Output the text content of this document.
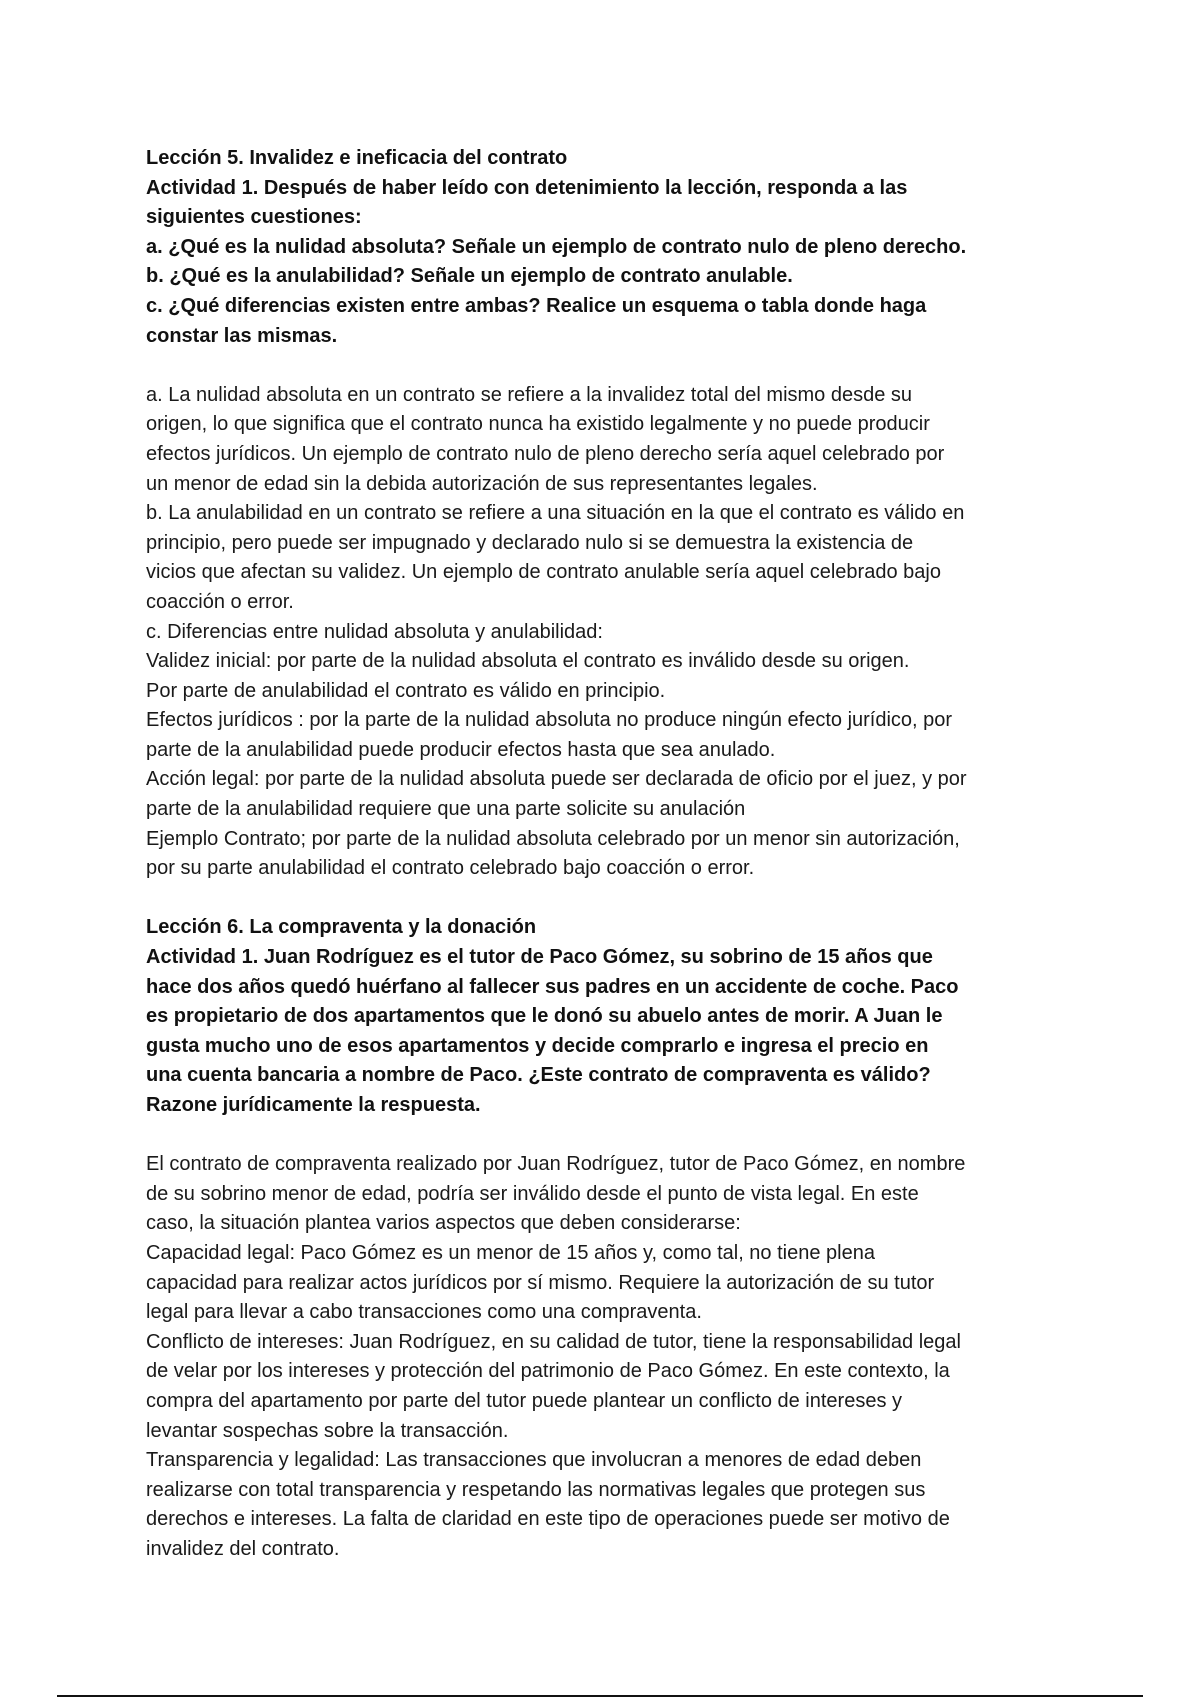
Lección 5. Invalidez e ineficacia del contrato

Actividad 1. Después de haber leído con detenimiento la lección, responda a las

siguientes cuestiones:

a. ¿Qué es la nulidad absoluta? Señale un ejemplo de contrato nulo de pleno derecho.

b. ¿Qué es la anulabilidad? Señale un ejemplo de contrato anulable.

c. ¿Qué diferencias existen entre ambas? Realice un esquema o tabla donde haga

constar las mismas.

a. La nulidad absoluta en un contrato se refiere a la invalidez total del mismo desde su

origen, lo que significa que el contrato nunca ha existido legalmente y no puede producir

efectos jurídicos. Un ejemplo de contrato nulo de pleno derecho sería aquel celebrado por

un menor de edad sin la debida autorización de sus representantes legales.

b. La anulabilidad en un contrato se refiere a una situación en la que el contrato es válido en

principio, pero puede ser impugnado y declarado nulo si se demuestra la existencia de

vicios que afectan su validez. Un ejemplo de contrato anulable sería aquel celebrado bajo

coacción o error.

c. Diferencias entre nulidad absoluta y anulabilidad:

Validez inicial: por parte de la nulidad absoluta el contrato es inválido desde su origen.

Por parte de anulabilidad el contrato es válido en principio.

Efectos jurídicos : por la parte de la nulidad absoluta no produce ningún efecto jurídico, por

parte de la anulabilidad puede producir efectos hasta que sea anulado.

Acción legal: por parte de la nulidad absoluta puede ser declarada de oficio por el juez, y por

parte de la anulabilidad requiere que una parte solicite su anulación

Ejemplo Contrato; por parte de la nulidad absoluta celebrado por un menor sin autorización,

por su parte anulabilidad el contrato celebrado bajo coacción o error.

Lección 6. La compraventa y la donación

Actividad 1. Juan Rodríguez es el tutor de Paco Gómez, su sobrino de 15 años que

hace dos años quedó huérfano al fallecer sus padres en un accidente de coche. Paco

es propietario de dos apartamentos que le donó su abuelo antes de morir. A Juan le

gusta mucho uno de esos apartamentos y decide comprarlo e ingresa el precio en

una cuenta bancaria a nombre de Paco. ¿Este contrato de compraventa es válido?

Razone jurídicamente la respuesta.

El contrato de compraventa realizado por Juan Rodríguez, tutor de Paco Gómez, en nombre

de su sobrino menor de edad, podría ser inválido desde el punto de vista legal. En este

caso, la situación plantea varios aspectos que deben considerarse:

Capacidad legal: Paco Gómez es un menor de 15 años y, como tal, no tiene plena

capacidad para realizar actos jurídicos por sí mismo. Requiere la autorización de su tutor

legal para llevar a cabo transacciones como una compraventa.

Conflicto de intereses: Juan Rodríguez, en su calidad de tutor, tiene la responsabilidad legal

de velar por los intereses y protección del patrimonio de Paco Gómez. En este contexto, la

compra del apartamento por parte del tutor puede plantear un conflicto de intereses y

levantar sospechas sobre la transacción.

Transparencia y legalidad: Las transacciones que involucran a menores de edad deben

realizarse con total transparencia y respetando las normativas legales que protegen sus

derechos e intereses. La falta de claridad en este tipo de operaciones puede ser motivo de

invalidez del contrato.
